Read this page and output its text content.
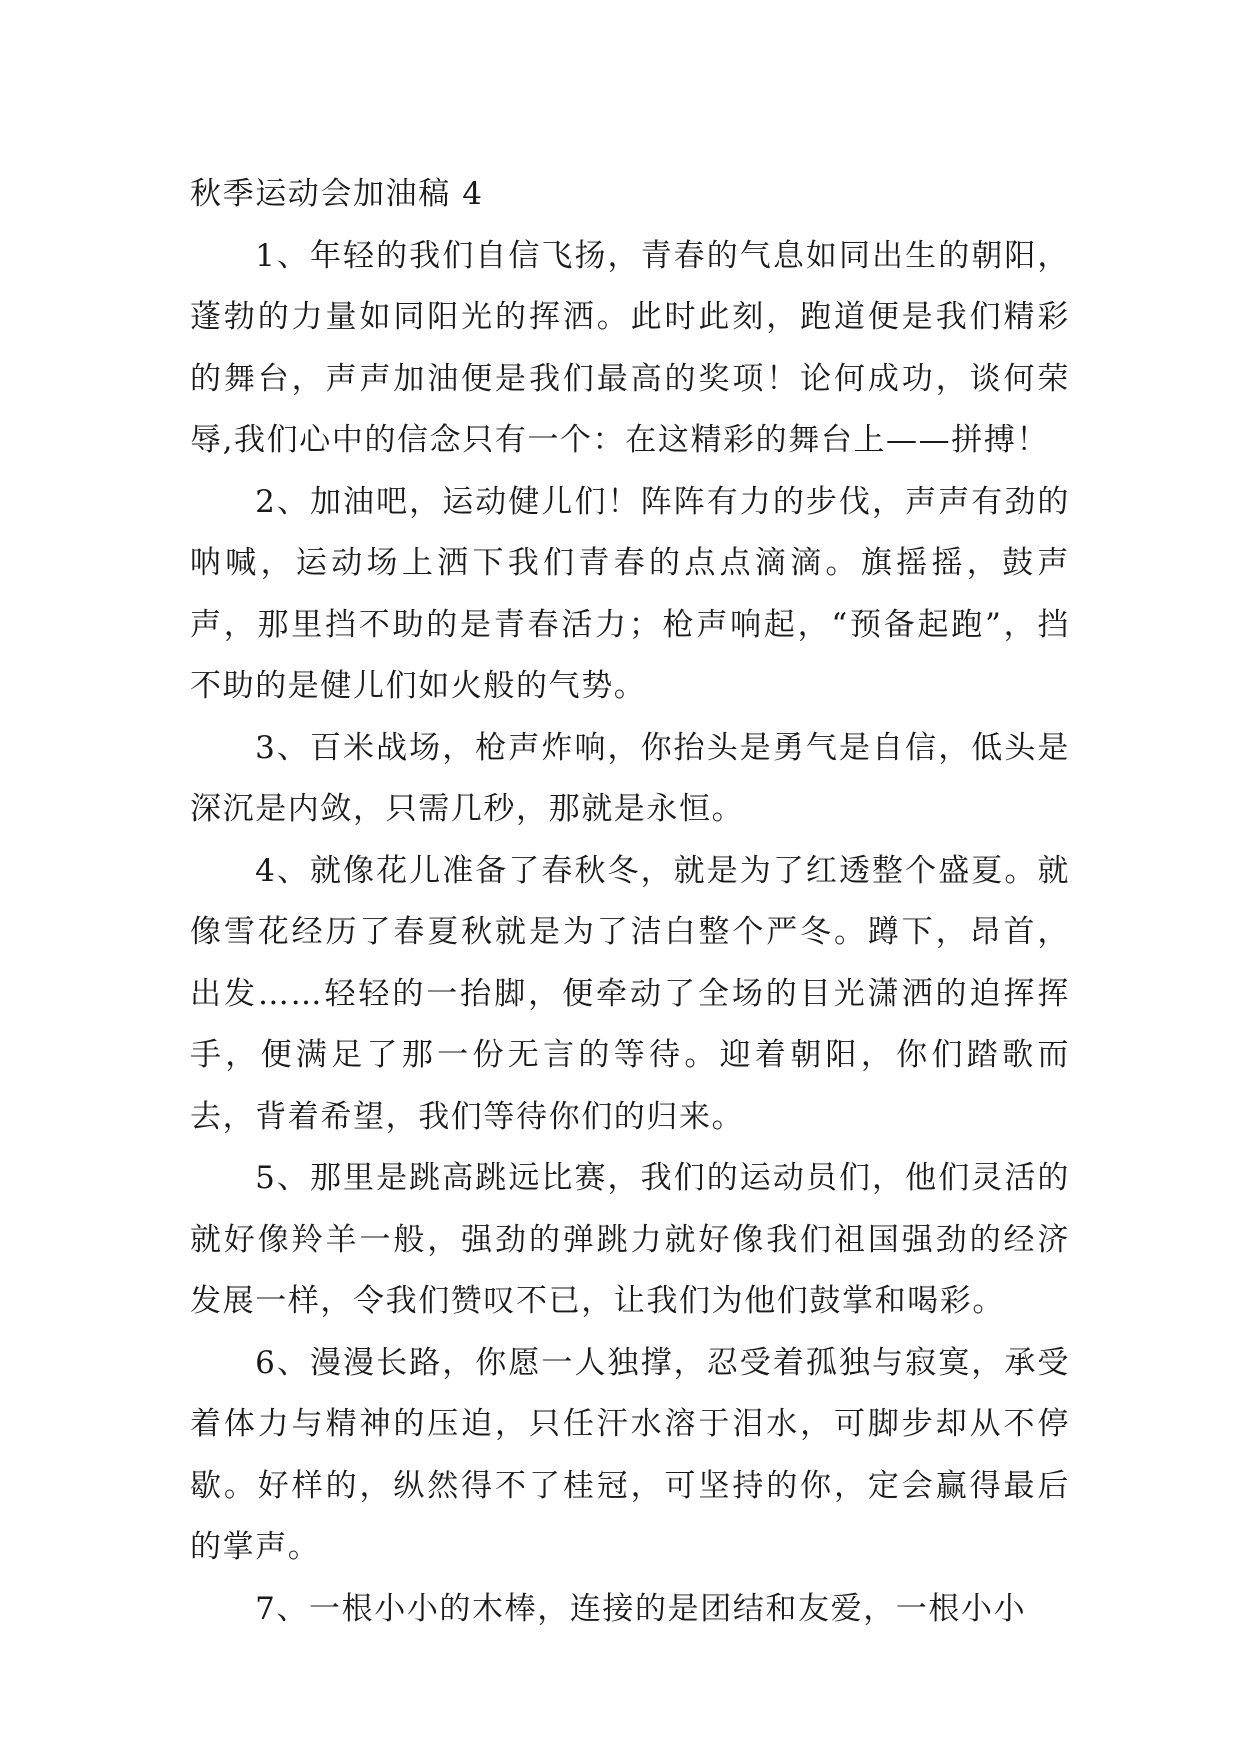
秋季运动会加油稿 4

1、年轻的我们自信飞扬，青春的气息如同出生的朝阳，蓬勃的力量如同阳光的挥洒。此时此刻，跑道便是我们精彩的舞台，声声加油便是我们最高的奖项！论何成功，谈何荣辱,我们心中的信念只有一个：在这精彩的舞台上——拼搏！

2、加油吧，运动健儿们！阵阵有力的步伐，声声有劲的呐喊，运动场上洒下我们青春的点点滴滴。旗摇摇，鼓声声，那里挡不助的是青春活力；枪声响起，“预备起跑”，挡不助的是健儿们如火般的气势。

3、百米战场，枪声炸响，你抬头是勇气是自信，低头是深沉是内敛，只需几秒，那就是永恒。

4、就像花儿准备了春秋冬，就是为了红透整个盛夏。就像雪花经历了春夏秋就是为了洁白整个严冬。蹲下，昂首，出发……轻轻的一抬脚，便牵动了全场的目光潇洒的迫挥挥手，便满足了那一份无言的等待。迎着朝阳，你们踏歌而去，背着希望，我们等待你们的归来。

5、那里是跳高跳远比赛，我们的运动员们，他们灵活的就好像羚羊一般，强劲的弹跳力就好像我们祖国强劲的经济发展一样，令我们赞叹不已，让我们为他们鼓掌和喝彩。

6、漫漫长路，你愿一人独撑，忍受着孤独与寂寞，承受着体力与精神的压迫，只任汗水溶于泪水，可脚步却从不停歇。好样的，纵然得不了桂冠，可坚持的你，定会赢得最后的掌声。

7、一根小小的木棒，连接的是团结和友爱，一根小小
